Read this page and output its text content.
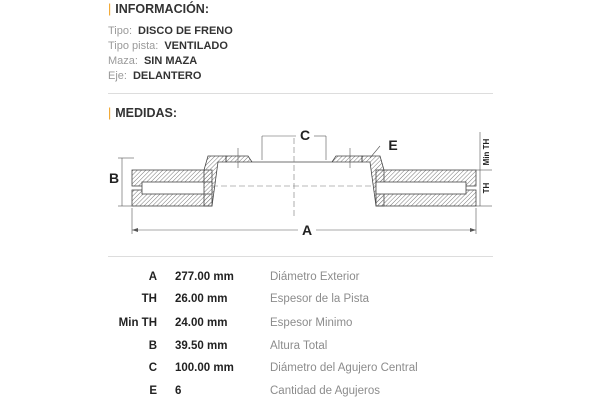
| INFORMACIÓN:
Tipo: DISCO DE FRENO
Tipo pista: VENTILADO
Maza: SIN MAZA
Eje: DELANTERO
| MEDIDAS:
C
E
B
TH
Min TH
A
A 277.00 mm	Diámetro Exterior
TH 26.00 mm	Espesor de la Pista
Min TH 24.00 mm	Espesor Minimo
B 39.50 mm	Altura Total
C 100.00 mm	Diámetro del Agujero Central
E 6	Cantidad de Agujeros
